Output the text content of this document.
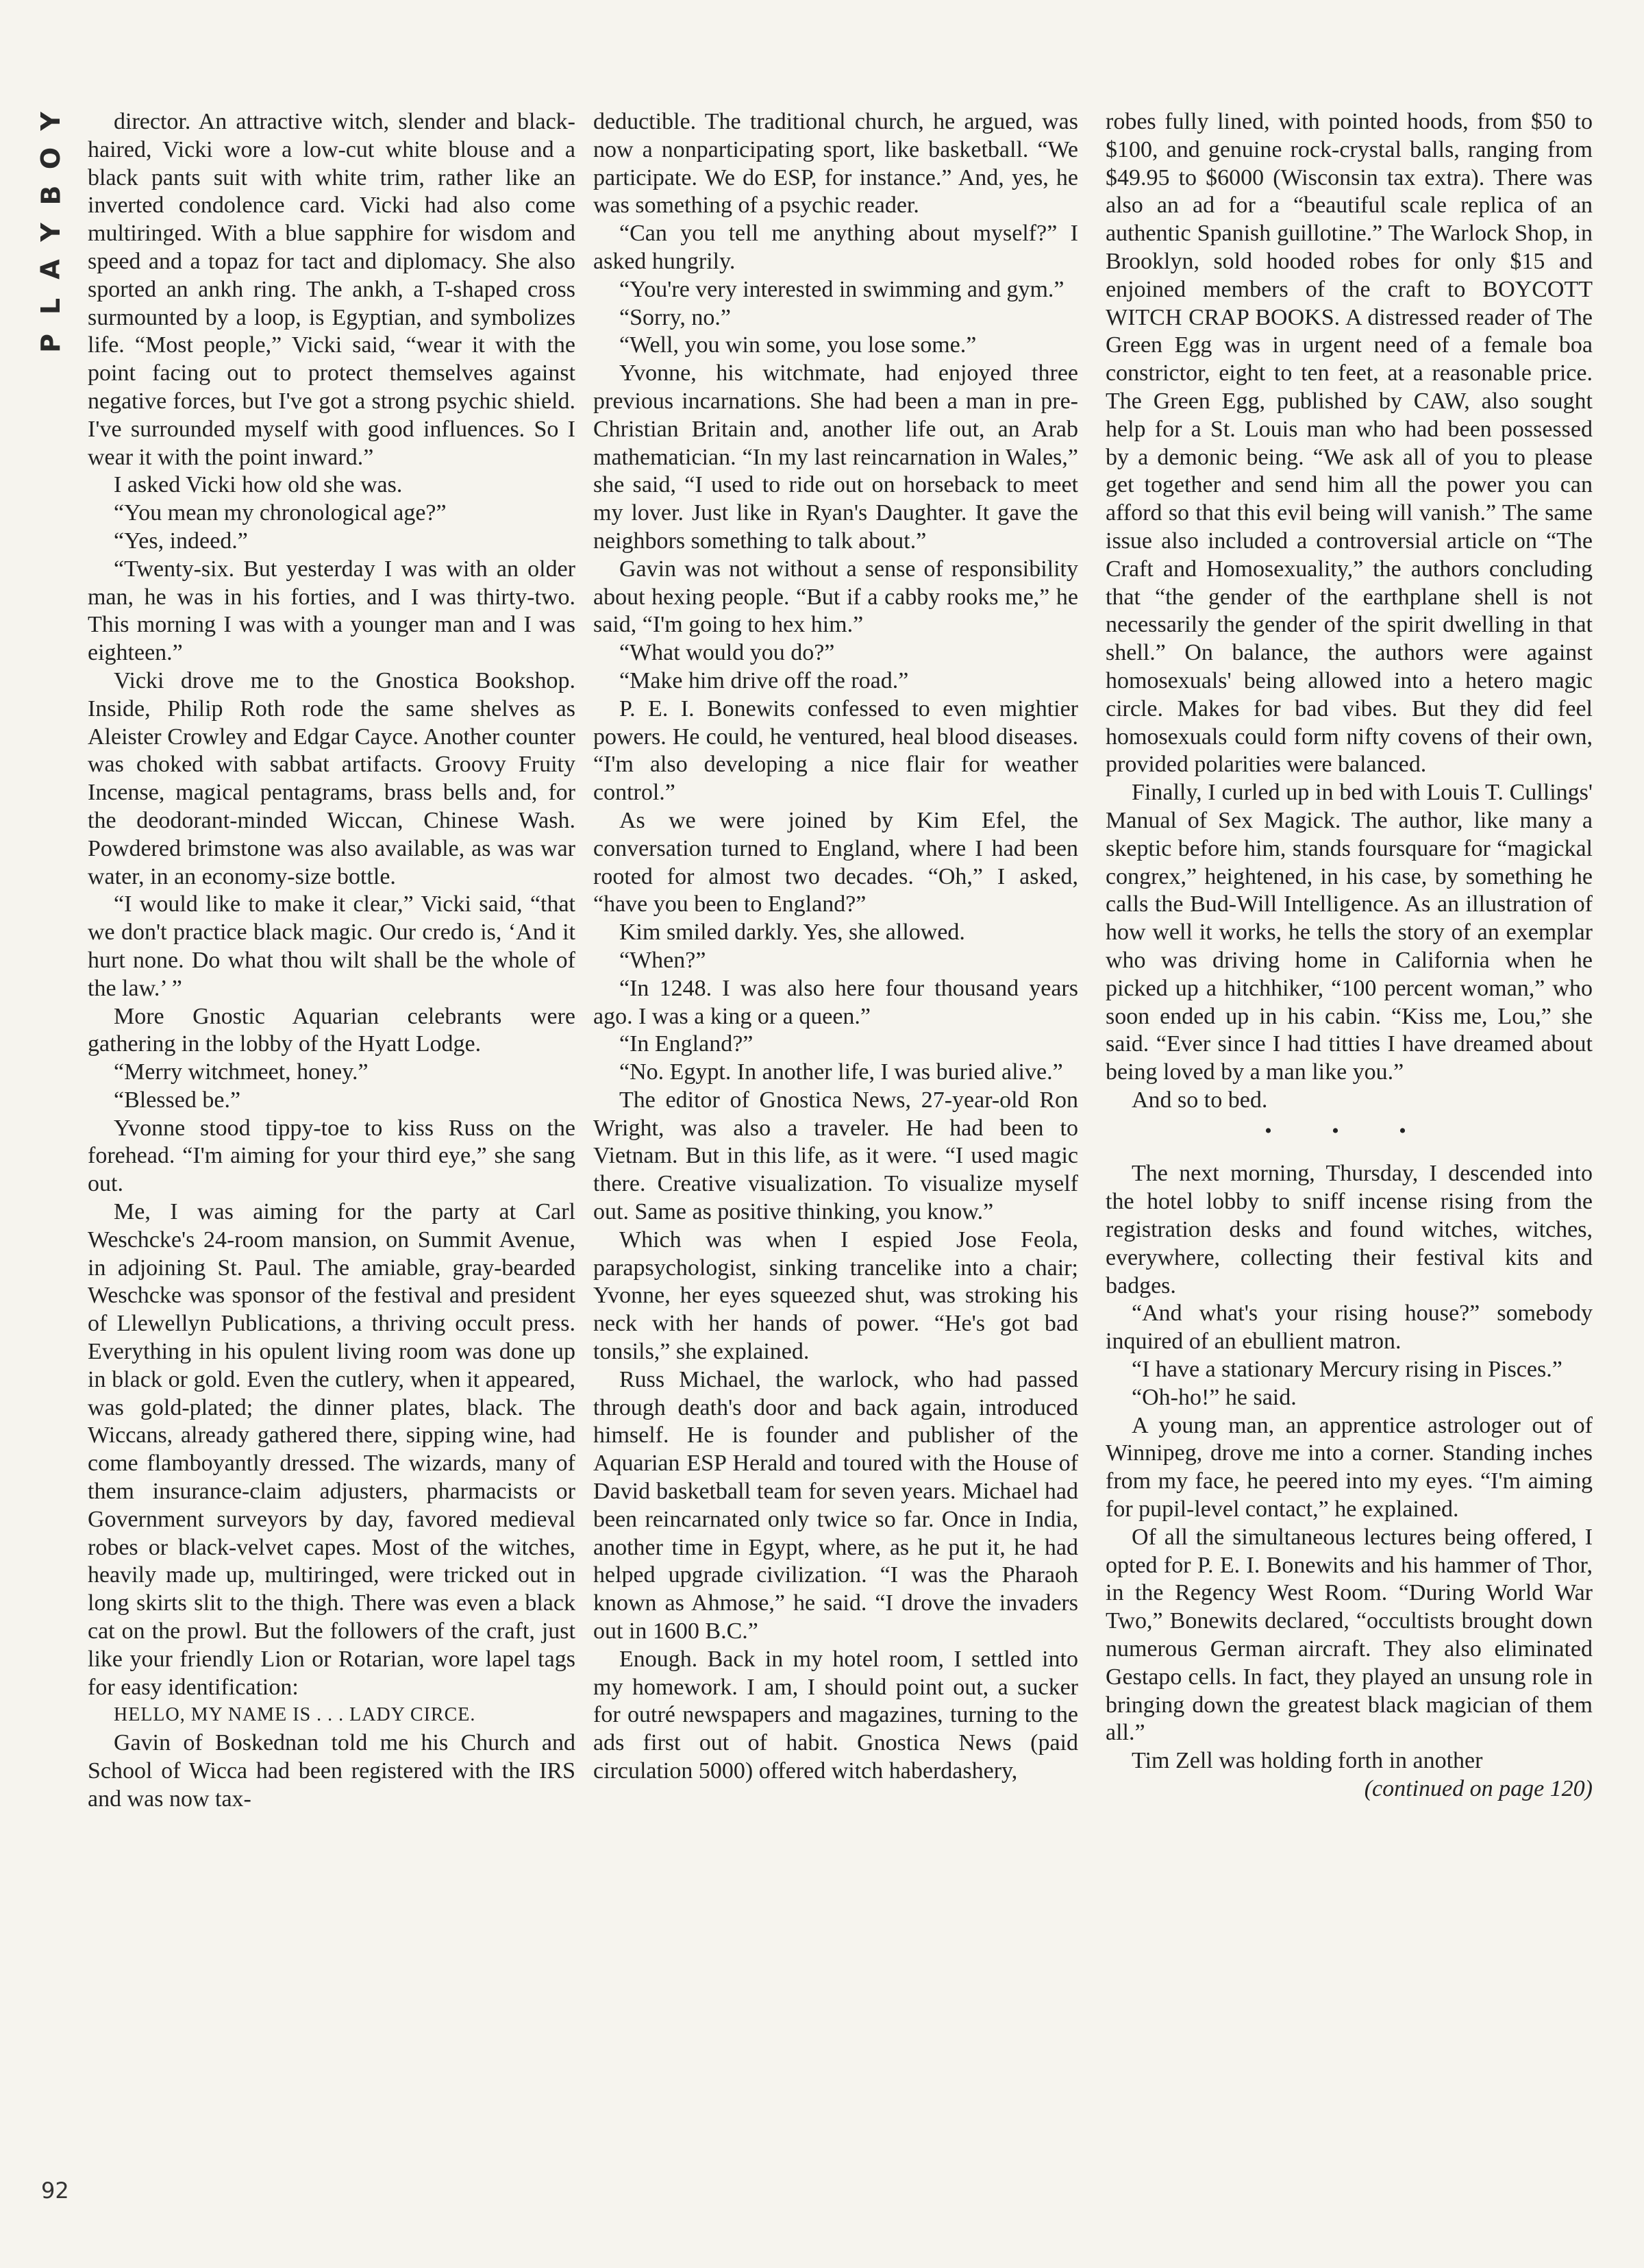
Y
O
B
Y
A
L
P

director. An attractive witch, slender and black-haired, Vicki wore a low-cut white blouse and a black pants suit with white trim, rather like an inverted condolence card. Vicki had also come multiringed. With a blue sapphire for wisdom and speed and a topaz for tact and diplomacy. She also sported an ankh ring. The ankh, a T-shaped cross surmounted by a loop, is Egyptian, and symbolizes life. “Most people,” Vicki said, “wear it with the point facing out to protect themselves against negative forces, but I've got a strong psychic shield. I've surrounded myself with good influences. So I wear it with the point inward.”

I asked Vicki how old she was.

“You mean my chronological age?”

“Yes, indeed.”

“Twenty-six. But yesterday I was with an older man, he was in his forties, and I was thirty-two. This morning I was with a younger man and I was eighteen.”

Vicki drove me to the Gnostica Bookshop. Inside, Philip Roth rode the same shelves as Aleister Crowley and Edgar Cayce. Another counter was choked with sabbat artifacts. Groovy Fruity Incense, magical pentagrams, brass bells and, for the deodorant-minded Wiccan, Chinese Wash. Powdered brimstone was also available, as was war water, in an economy-size bottle.

“I would like to make it clear,” Vicki said, “that we don't practice black magic. Our credo is, ‘And it hurt none. Do what thou wilt shall be the whole of the law.’ ”

More Gnostic Aquarian celebrants were gathering in the lobby of the Hyatt Lodge.

“Merry witchmeet, honey.”

“Blessed be.”

Yvonne stood tippy-toe to kiss Russ on the forehead. “I'm aiming for your third eye,” she sang out.

Me, I was aiming for the party at Carl Weschcke's 24-room mansion, on Summit Avenue, in adjoining St. Paul. The amiable, gray-bearded Weschcke was sponsor of the festival and president of Llewellyn Publications, a thriving occult press. Everything in his opulent living room was done up in black or gold. Even the cutlery, when it appeared, was gold-plated; the dinner plates, black. The Wiccans, already gathered there, sipping wine, had come flamboyantly dressed. The wizards, many of them insurance-claim adjusters, pharmacists or Government surveyors by day, favored medieval robes or black-velvet capes. Most of the witches, heavily made up, multiringed, were tricked out in long skirts slit to the thigh. There was even a black cat on the prowl. But the followers of the craft, just like your friendly Lion or Rotarian, wore lapel tags for easy identification:

HELLO, MY NAME IS . . . LADY CIRCE.

Gavin of Boskednan told me his Church and School of Wicca had been registered with the IRS and was now tax-

deductible. The traditional church, he argued, was now a nonparticipating sport, like basketball. “We participate. We do ESP, for instance.” And, yes, he was something of a psychic reader.

“Can you tell me anything about myself?” I asked hungrily.

“You're very interested in swimming and gym.”

“Sorry, no.”

“Well, you win some, you lose some.”

Yvonne, his witchmate, had enjoyed three previous incarnations. She had been a man in pre-Christian Britain and, another life out, an Arab mathematician. “In my last reincarnation in Wales,” she said, “I used to ride out on horseback to meet my lover. Just like in Ryan's Daughter. It gave the neighbors something to talk about.”

Gavin was not without a sense of responsibility about hexing people. “But if a cabby rooks me,” he said, “I'm going to hex him.”

“What would you do?”

“Make him drive off the road.”

P. E. I. Bonewits confessed to even mightier powers. He could, he ventured, heal blood diseases. “I'm also developing a nice flair for weather control.”

As we were joined by Kim Efel, the conversation turned to England, where I had been rooted for almost two decades. “Oh,” I asked, “have you been to England?”

Kim smiled darkly. Yes, she allowed.

“When?”

“In 1248. I was also here four thousand years ago. I was a king or a queen.”

“In England?”

“No. Egypt. In another life, I was buried alive.”

The editor of Gnostica News, 27-year-old Ron Wright, was also a traveler. He had been to Vietnam. But in this life, as it were. “I used magic there. Creative visualization. To visualize myself out. Same as positive thinking, you know.”

Which was when I espied Jose Feola, parapsychologist, sinking trancelike into a chair; Yvonne, her eyes squeezed shut, was stroking his neck with her hands of power. “He's got bad tonsils,” she explained.

Russ Michael, the warlock, who had passed through death's door and back again, introduced himself. He is founder and publisher of the Aquarian ESP Herald and toured with the House of David basketball team for seven years. Michael had been reincarnated only twice so far. Once in India, another time in Egypt, where, as he put it, he had helped upgrade civilization. “I was the Pharaoh known as Ahmose,” he said. “I drove the invaders out in 1600 B.C.”

Enough. Back in my hotel room, I settled into my homework. I am, I should point out, a sucker for outré newspapers and magazines, turning to the ads first out of habit. Gnostica News (paid circulation 5000) offered witch haberdashery,

robes fully lined, with pointed hoods, from $50 to $100, and genuine rock-crystal balls, ranging from $49.95 to $6000 (Wisconsin tax extra). There was also an ad for a “beautiful scale replica of an authentic Spanish guillotine.” The Warlock Shop, in Brooklyn, sold hooded robes for only $15 and enjoined members of the craft to BOYCOTT WITCH CRAP BOOKS. A distressed reader of The Green Egg was in urgent need of a female boa constrictor, eight to ten feet, at a reasonable price. The Green Egg, published by CAW, also sought help for a St. Louis man who had been possessed by a demonic being. “We ask all of you to please get together and send him all the power you can afford so that this evil being will vanish.” The same issue also included a controversial article on “The Craft and Homosexuality,” the authors concluding that “the gender of the earthplane shell is not necessarily the gender of the spirit dwelling in that shell.” On balance, the authors were against homosexuals' being allowed into a hetero magic circle. Makes for bad vibes. But they did feel homosexuals could form nifty covens of their own, provided polarities were balanced.

Finally, I curled up in bed with Louis T. Cullings' Manual of Sex Magick. The author, like many a skeptic before him, stands foursquare for “magickal congrex,” heightened, in his case, by something he calls the Bud-Will Intelligence. As an illustration of how well it works, he tells the story of an exemplar who was driving home in California when he picked up a hitchhiker, “100 percent woman,” who soon ended up in his cabin. “Kiss me, Lou,” she said. “Ever since I had titties I have dreamed about being loved by a man like you.”

And so to bed.

• • •

The next morning, Thursday, I descended into the hotel lobby to sniff incense rising from the registration desks and found witches, witches, everywhere, collecting their festival kits and badges.

“And what's your rising house?” somebody inquired of an ebullient matron.

“I have a stationary Mercury rising in Pisces.”

“Oh-ho!” he said.

A young man, an apprentice astrologer out of Winnipeg, drove me into a corner. Standing inches from my face, he peered into my eyes. “I'm aiming for pupil-level contact,” he explained.

Of all the simultaneous lectures being offered, I opted for P. E. I. Bonewits and his hammer of Thor, in the Regency West Room. “During World War Two,” Bonewits declared, “occultists brought down numerous German aircraft. They also eliminated Gestapo cells. In fact, they played an unsung role in bringing down the greatest black magician of them all.”

Tim Zell was holding forth in another

(continued on page 120)

92
